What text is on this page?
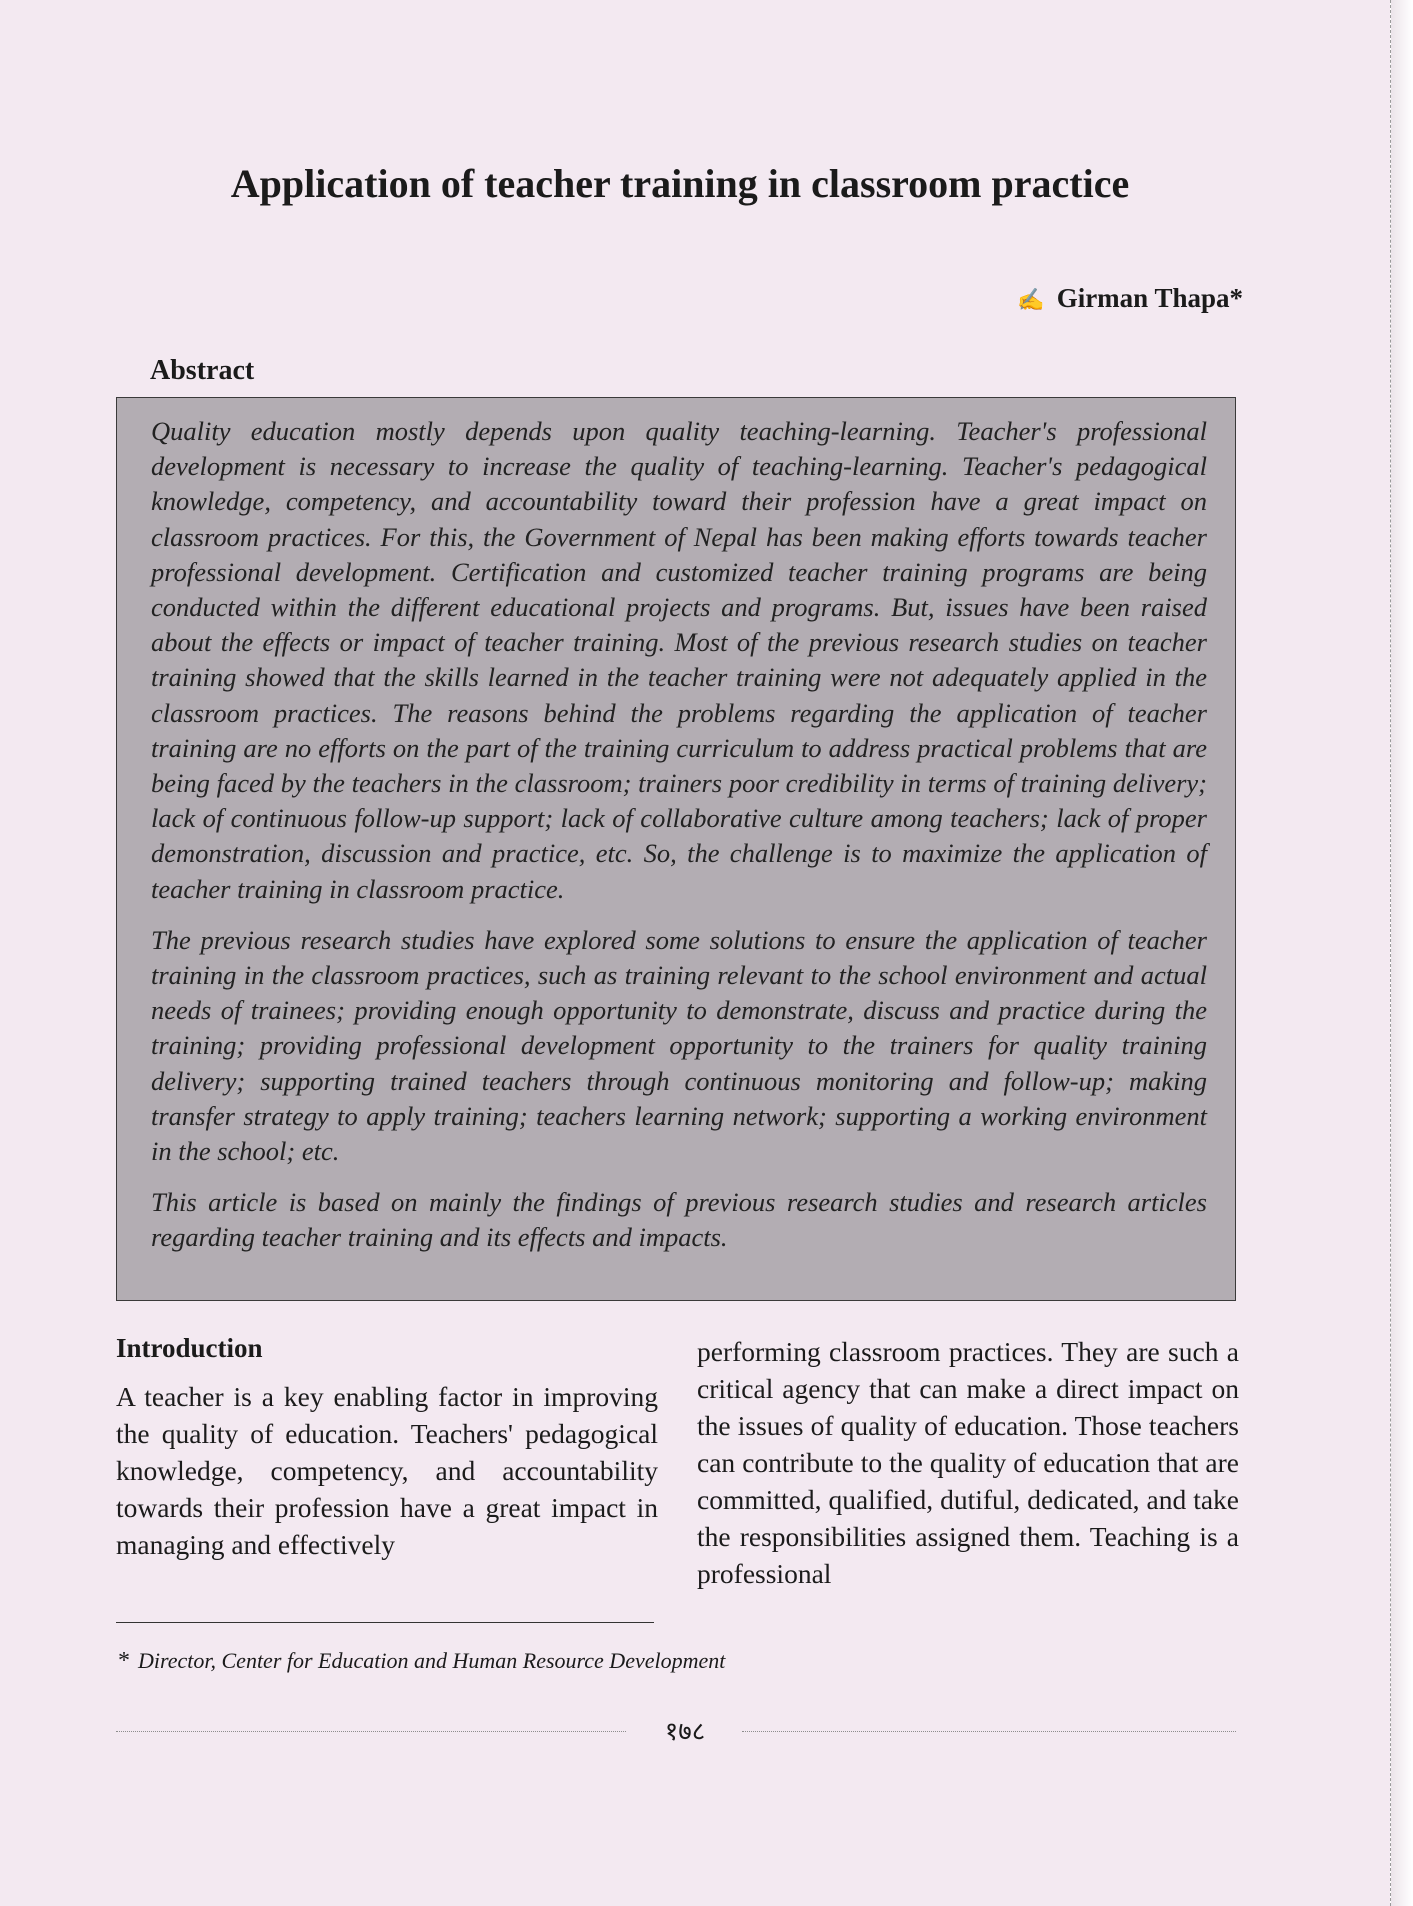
Application of teacher training in classroom practice
✍ Girman Thapa*
Abstract

Quality education mostly depends upon quality teaching-learning. Teacher's professional development is necessary to increase the quality of teaching-learning. Teacher's pedagogical knowledge, competency, and accountability toward their profession have a great impact on classroom practices. For this, the Government of Nepal has been making efforts towards teacher professional development. Certification and customized teacher training programs are being conducted within the different educational projects and programs. But, issues have been raised about the effects or impact of teacher training. Most of the previous research studies on teacher training showed that the skills learned in the teacher training were not adequately applied in the classroom practices. The reasons behind the problems regarding the application of teacher training are no efforts on the part of the training curriculum to address practical problems that are being faced by the teachers in the classroom; trainers poor credibility in terms of training delivery; lack of continuous follow-up support; lack of collaborative culture among teachers; lack of proper demonstration, discussion and practice, etc. So, the challenge is to maximize the application of teacher training in classroom practice.

The previous research studies have explored some solutions to ensure the application of teacher training in the classroom practices, such as training relevant to the school environment and actual needs of trainees; providing enough opportunity to demonstrate, discuss and practice during the training; providing professional development opportunity to the trainers for quality training delivery; supporting trained teachers through continuous monitoring and follow-up; making transfer strategy to apply training; teachers learning network; supporting a working environment in the school; etc.

This article is based on mainly the findings of previous research studies and research articles regarding teacher training and its effects and impacts.

Introduction

A teacher is a key enabling factor in improving the quality of education. Teachers' pedagogical knowledge, competency, and accountability towards their profession have a great impact in managing and effectively

performing classroom practices. They are such a critical agency that can make a direct impact on the issues of quality of education. Those teachers can contribute to the quality of education that are committed, qualified, dutiful, dedicated, and take the responsibilities assigned them. Teaching is a professional

* Director, Center for Education and Human Resource Development
१७८
